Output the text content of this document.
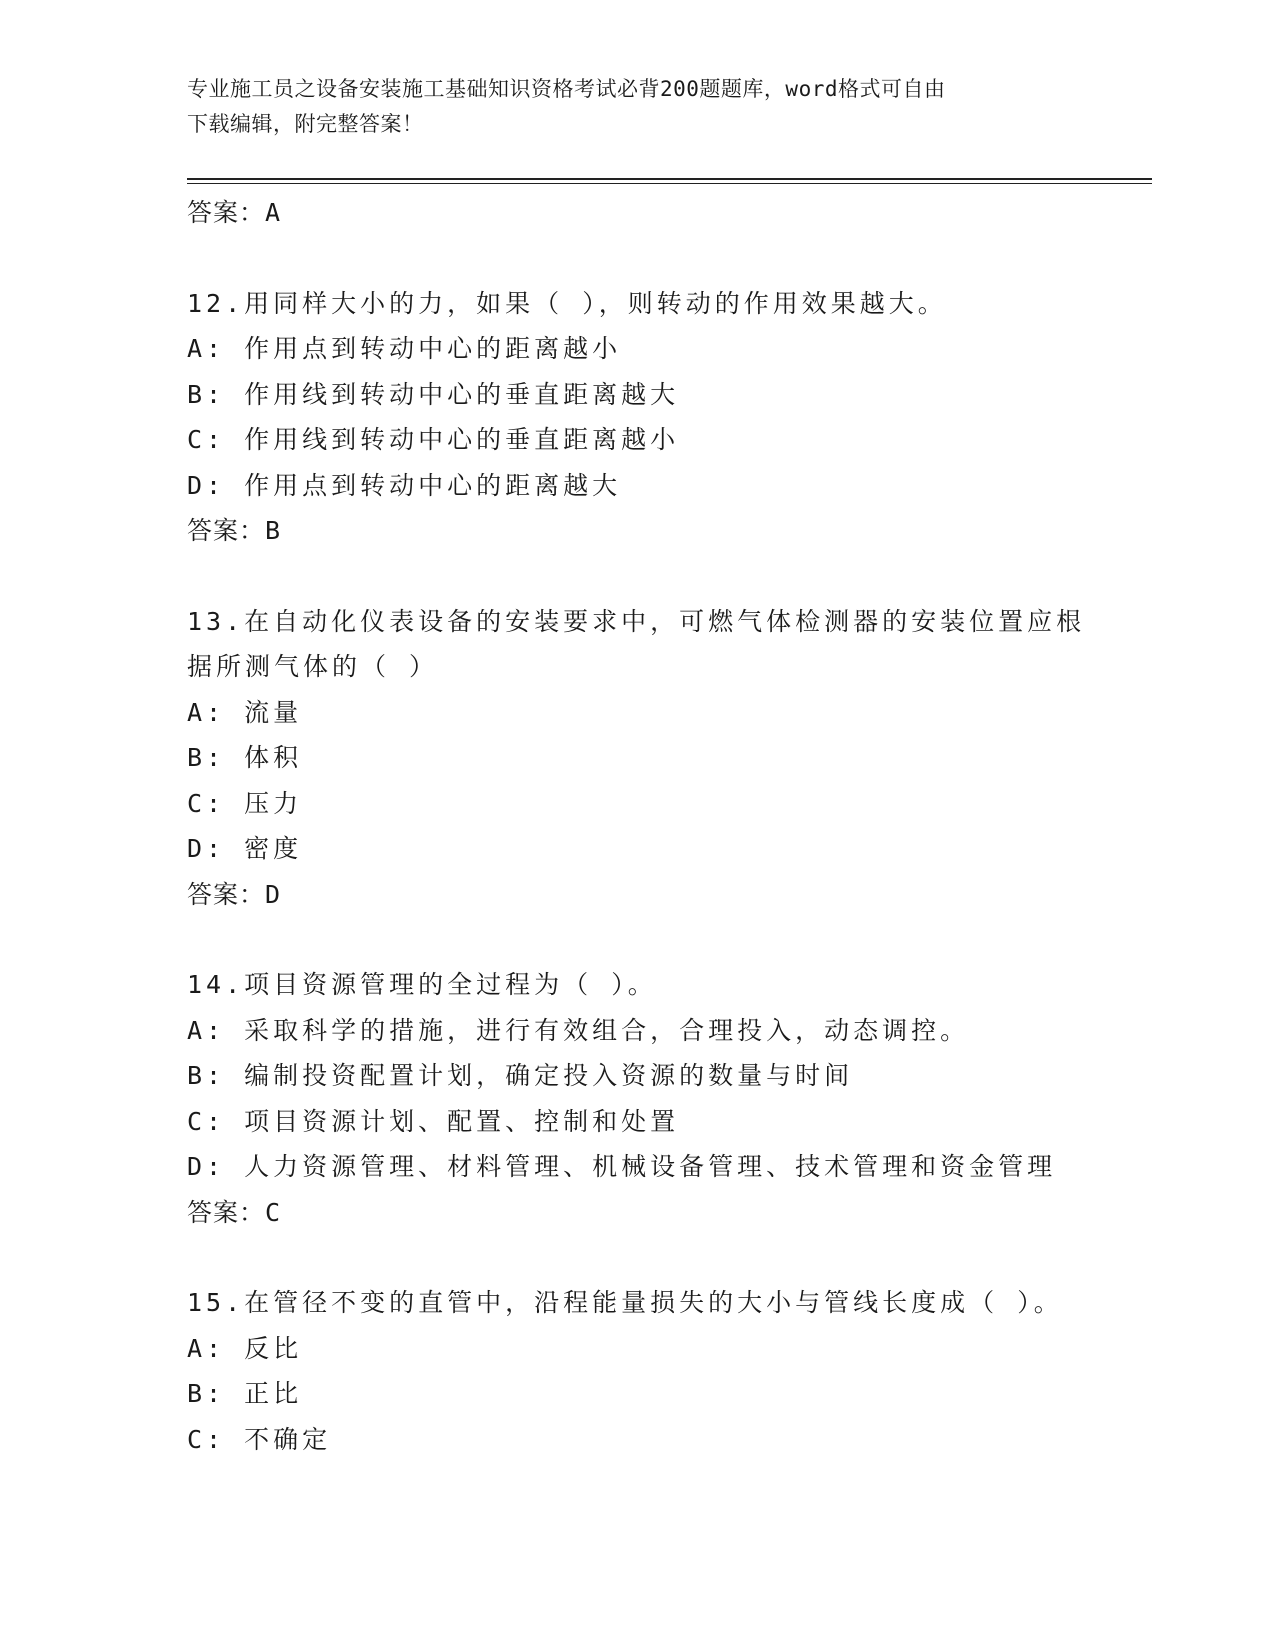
专业施工员之设备安装施工基础知识资格考试必背200题题库，word格式可自由
下载编辑，附完整答案！
答案：A
12.用同样大小的力，如果（ ），则转动的作用效果越大。
A: 作用点到转动中心的距离越小
B: 作用线到转动中心的垂直距离越大
C: 作用线到转动中心的垂直距离越小
D: 作用点到转动中心的距离越大
答案：B
13.在自动化仪表设备的安装要求中，可燃气体检测器的安装位置应根
据所测气体的（ ）
A: 流量
B: 体积
C: 压力
D: 密度
答案：D
14.项目资源管理的全过程为（ ）。
A: 采取科学的措施，进行有效组合，合理投入，动态调控。
B: 编制投资配置计划，确定投入资源的数量与时间
C: 项目资源计划、配置、控制和处置
D: 人力资源管理、材料管理、机械设备管理、技术管理和资金管理
答案：C
15.在管径不变的直管中，沿程能量损失的大小与管线长度成（ ）。
A: 反比
B: 正比
C: 不确定
